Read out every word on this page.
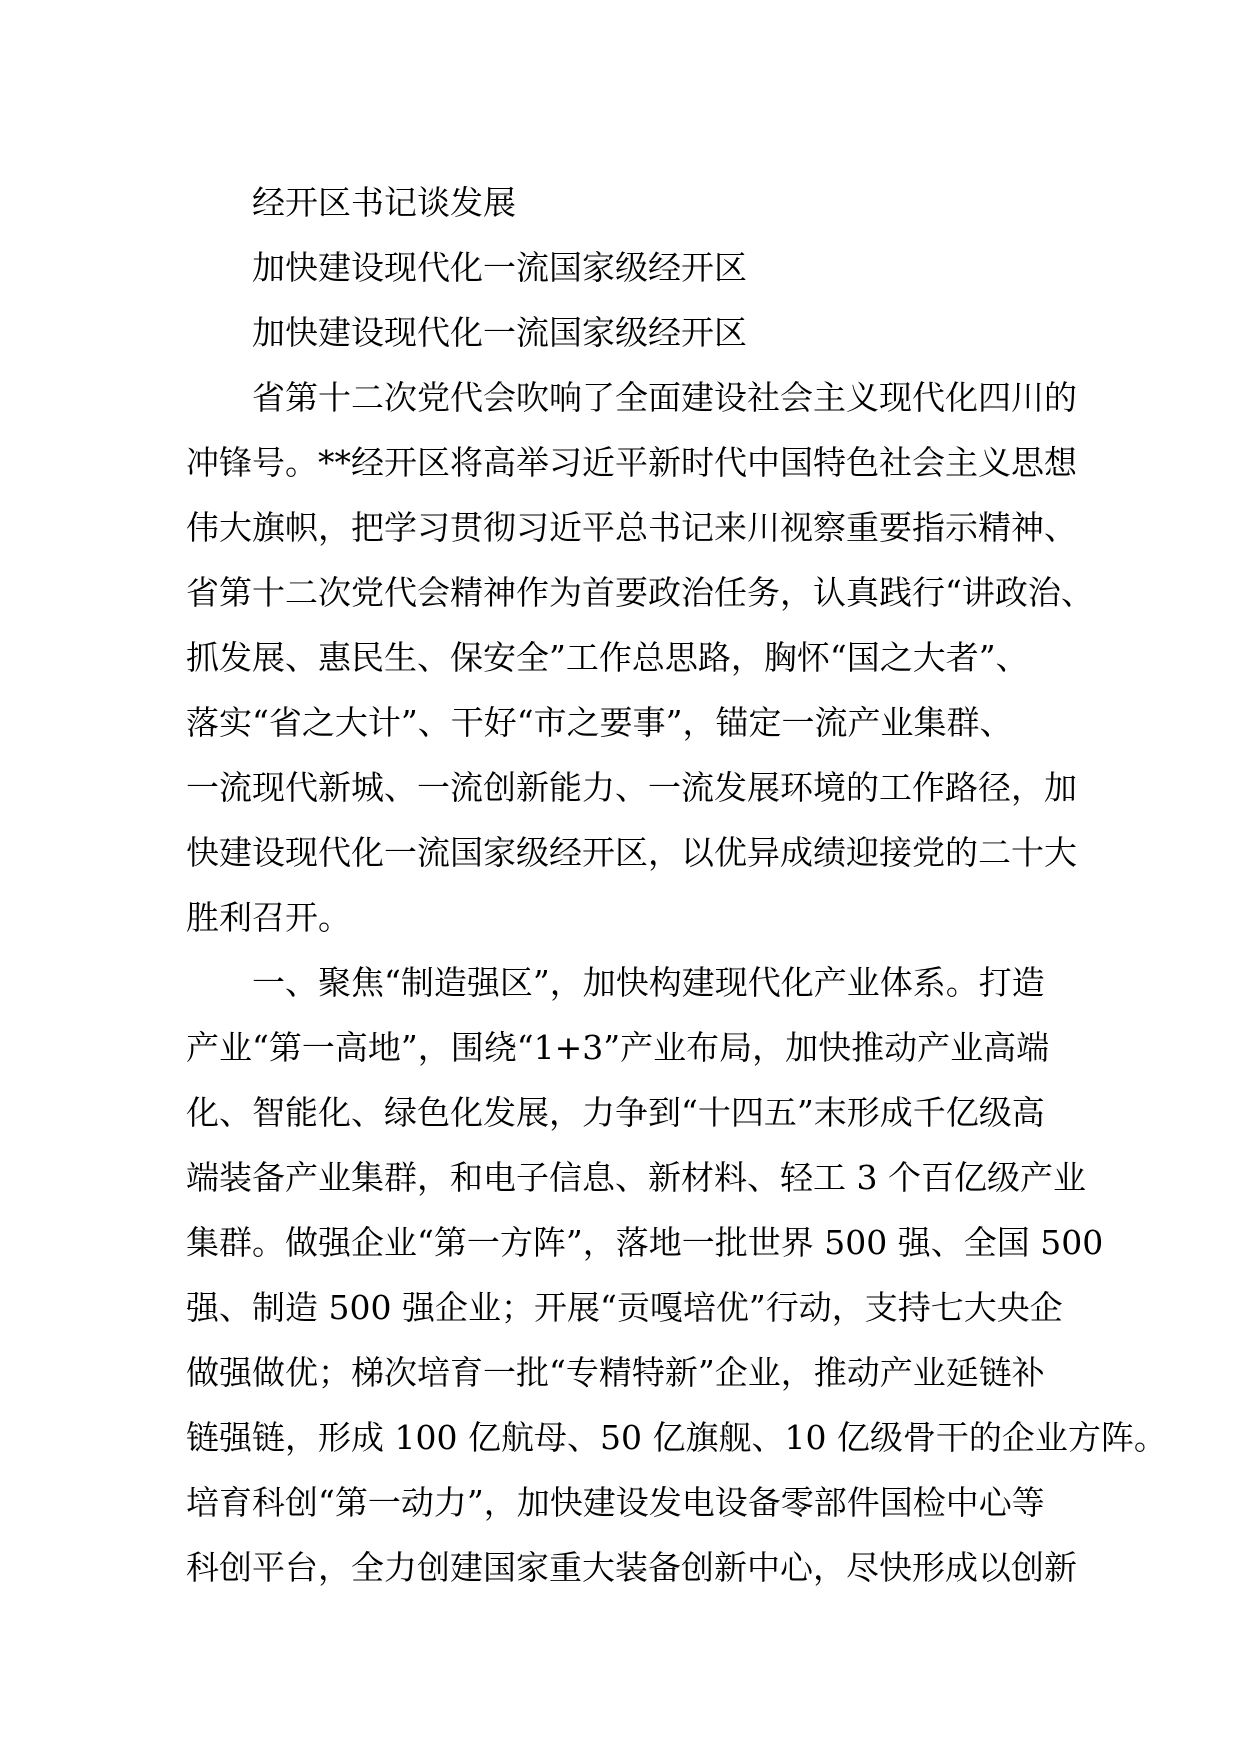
经开区书记谈发展

加快建设现代化一流国家级经开区

加快建设现代化一流国家级经开区

　　省第十二次党代会吹响了全面建设社会主义现代化四川的
冲锋号。**经开区将高举习近平新时代中国特色社会主义思想
伟大旗帜，把学习贯彻习近平总书记来川视察重要指示精神、
省第十二次党代会精神作为首要政治任务，认真践行“讲政治、
抓发展、惠民生、保安全”工作总思路，胸怀“国之大者”、
落实“省之大计”、干好“市之要事”，锚定一流产业集群、
一流现代新城、一流创新能力、一流发展环境的工作路径，加
快建设现代化一流国家级经开区，以优异成绩迎接党的二十大
胜利召开。
　　一、聚焦“制造强区”，加快构建现代化产业体系。打造
产业“第一高地”，围绕“1+3”产业布局，加快推动产业高端
化、智能化、绿色化发展，力争到“十四五”末形成千亿级高
端装备产业集群，和电子信息、新材料、轻工 3 个百亿级产业
集群。做强企业“第一方阵”，落地一批世界 500 强、全国 500
强、制造 500 强企业；开展“贡嘎培优”行动，支持七大央企
做强做优；梯次培育一批“专精特新”企业，推动产业延链补
链强链，形成 100 亿航母、50 亿旗舰、10 亿级骨干的企业方阵。
培育科创“第一动力”，加快建设发电设备零部件国检中心等
科创平台，全力创建国家重大装备创新中心，尽快形成以创新
